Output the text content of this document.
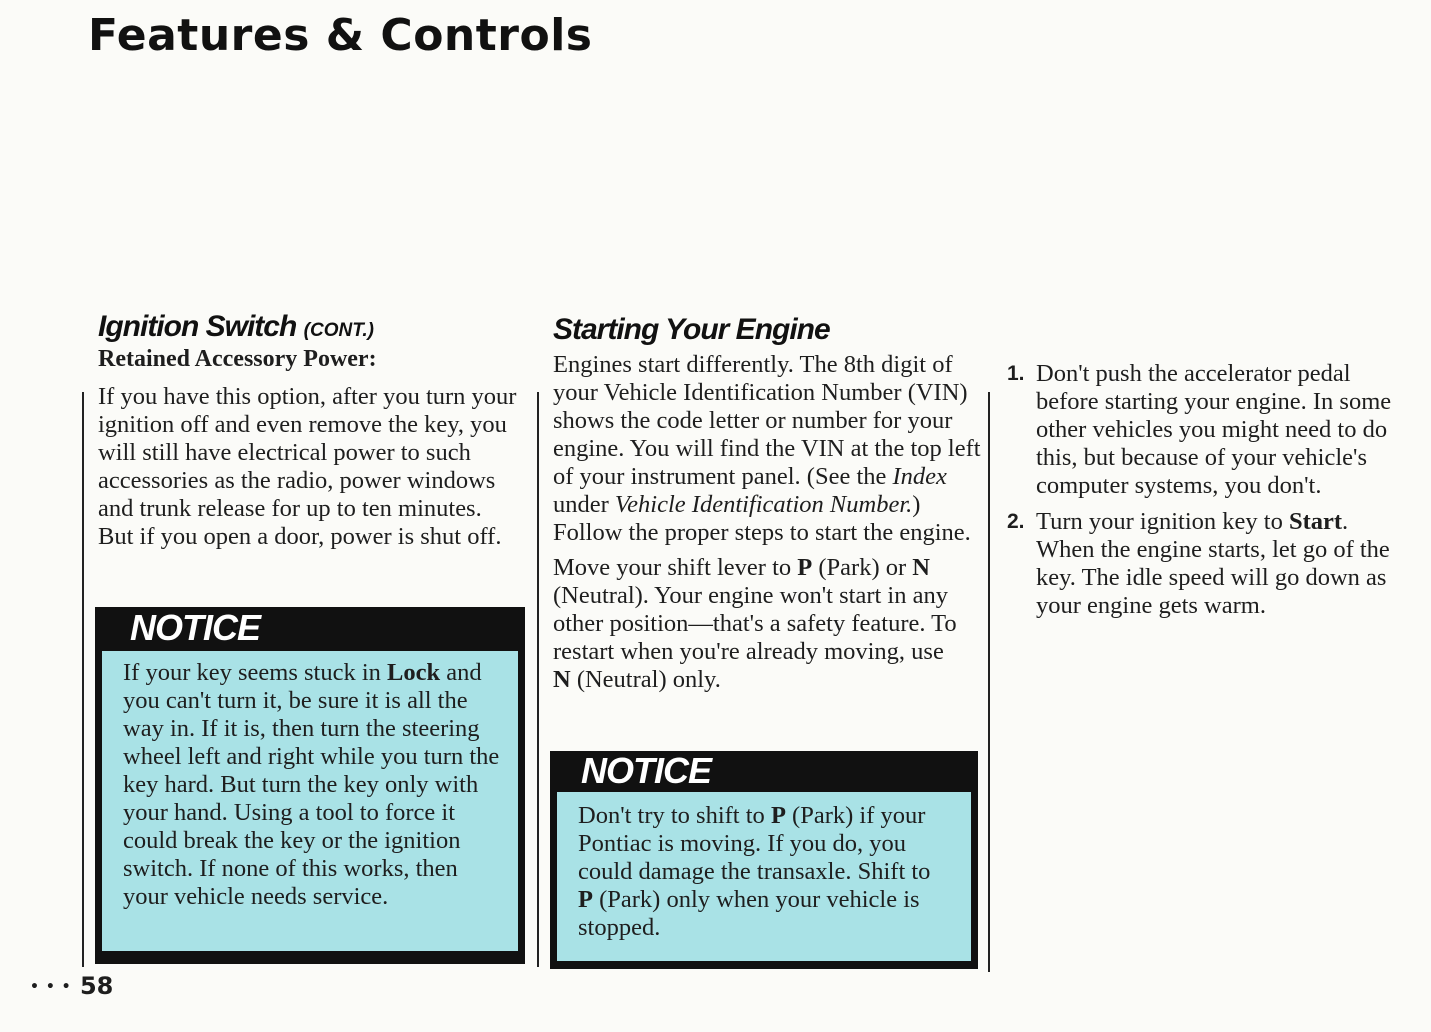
Features & Controls
Ignition Switch (CONT.)

Retained Accessory Power:

If you have this option, after you turn your ignition off and even remove the key, you will still have electrical power to such accessories as the radio, power windows and trunk release for up to ten minutes. But if you open a door, power is shut off.

NOTICE

If your key seems stuck in Lock and you can't turn it, be sure it is all the way in. If it is, then turn the steering wheel left and right while you turn the key hard. But turn the key only with your hand. Using a tool to force it could break the key or the ignition switch. If none of this works, then your vehicle needs service.

Starting Your Engine

Engines start differently. The 8th digit of your Vehicle Identification Number (VIN) shows the code letter or number for your engine. You will find the VIN at the top left of your instrument panel. (See the Index under Vehicle Identification Number.) Follow the proper steps to start the engine.

Move your shift lever to P (Park) or N (Neutral). Your engine won't start in any other position—that's a safety feature. To restart when you're already moving, use N (Neutral) only.

NOTICE

Don't try to shift to P (Park) if your Pontiac is moving. If you do, you could damage the transaxle. Shift to P (Park) only when your vehicle is stopped.

1. Don't push the accelerator pedal before starting your engine. In some other vehicles you might need to do this, but because of your vehicle's computer systems, you don't.
2. Turn your ignition key to Start. When the engine starts, let go of the key. The idle speed will go down as your engine gets warm.
• • • 58
